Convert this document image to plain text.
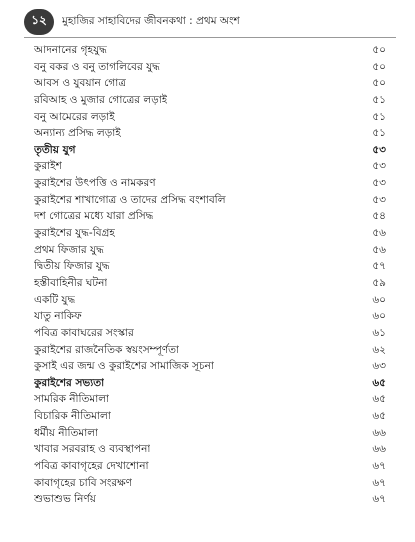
১২	মুহাজির সাহাবিদের জীবনকথা : প্রথম অংশ
আদনানের গৃহযুদ্ধ	৫০
বনু বকর ও বনু তাগলিবের যুদ্ধ	৫০
আবস ও যুবয়ান গোত্র	৫০
রবিআহ ও মুজার গোত্রের লড়াই	৫১
বনু আমেরের লড়াই	৫১
অন্যান্য প্রসিদ্ধ লড়াই	৫১
তৃতীয় যুগ	৫৩
কুরাইশ	৫৩
কুরাইশের উৎপত্তি ও নামকরণ	৫৩
কুরাইশের শাখাগোত্র ও তাদের প্রসিদ্ধ বংশাবলি	৫৩
দশ গোত্রের মধ্যে যারা প্রসিদ্ধ	৫৪
কুরাইশের যুদ্ধ-বিগ্রহ	৫৬
প্রথম ফিজার যুদ্ধ	৫৬
দ্বিতীয় ফিজার যুদ্ধ	৫৭
হস্তীবাহিনীর ঘটনা	৫৯
একটি যুদ্ধ	৬০
যাতু নাকিফ	৬০
পবিত্র কাবাঘরের সংস্কার	৬১
কুরাইশের রাজনৈতিক স্বয়ংসম্পূর্ণতা	৬২
কুসাই এর জন্ম ও কুরাইশের সামাজিক সূচনা	৬৩
কুরাইশের সভ্যতা	৬৫
সামরিক নীতিমালা	৬৫
বিচারিক নীতিমালা	৬৫
ধর্মীয় নীতিমালা	৬৬
খাবার সরবরাহ ও ব্যবস্থাপনা	৬৬
পবিত্র কাবাগৃহের দেখাশোনা	৬৭
কাবাগৃহের চাবি সংরক্ষণ	৬৭
শুভাশুভ নির্ণয়	৬৭
